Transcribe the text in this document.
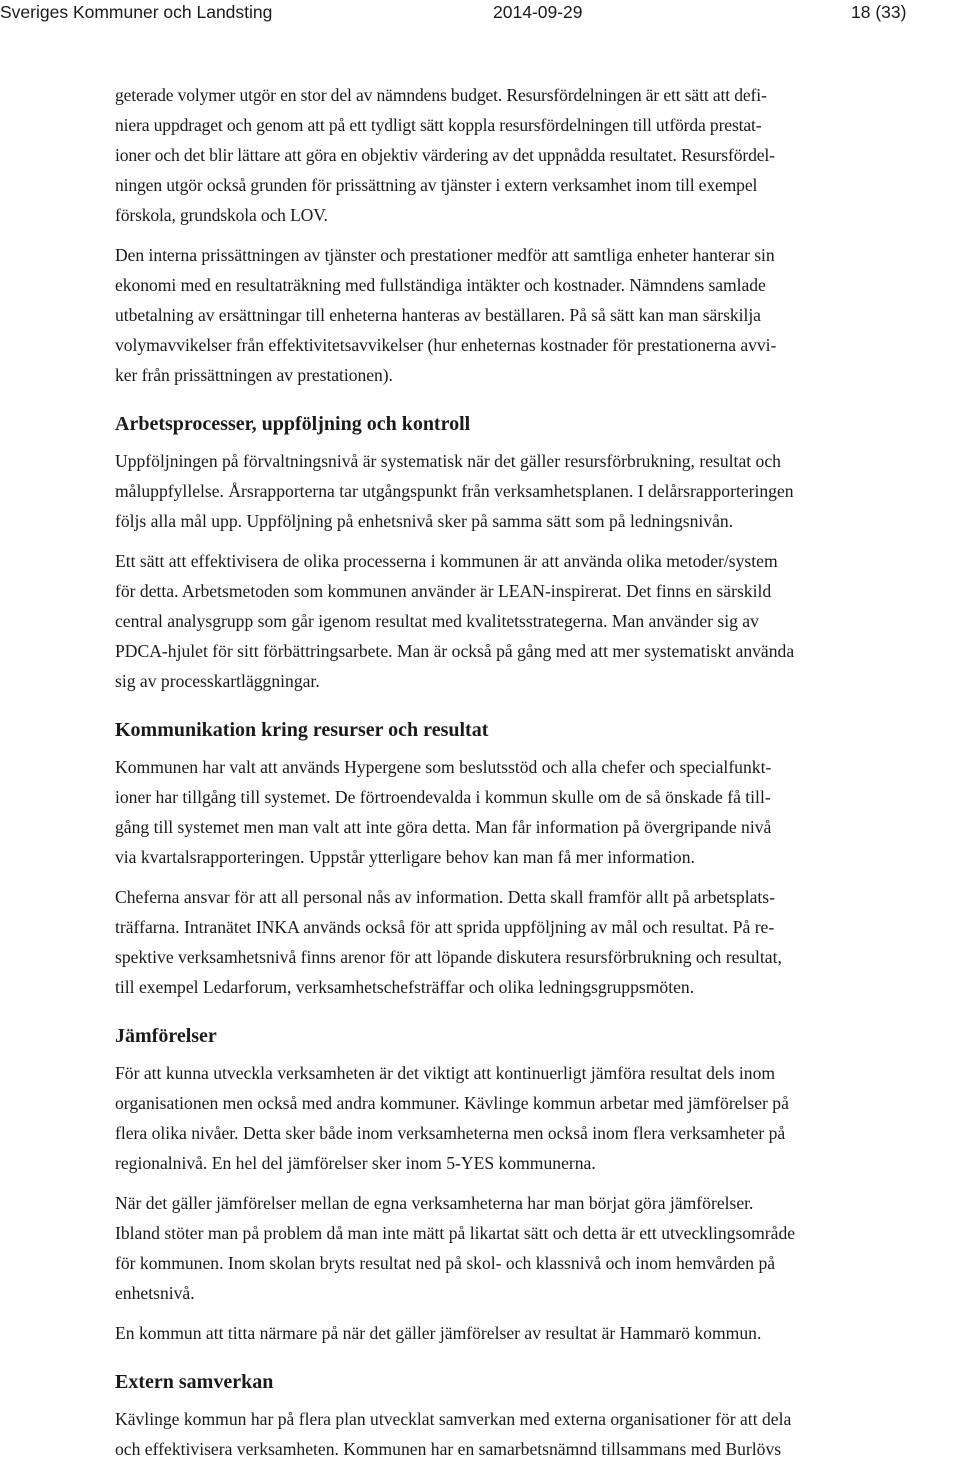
Sveriges Kommuner och Landsting	2014-09-29	18 (33)

geterade volymer utgör en stor del av nämndens budget. Resursfördelningen är ett sätt att defi-
niera uppdraget och genom att på ett tydligt sätt koppla resursfördelningen till utförda prestat-
ioner och det blir lättare att göra en objektiv värdering av det uppnådda resultatet. Resursfördel-
ningen utgör också grunden för prissättning av tjänster i extern verksamhet inom till exempel
förskola, grundskola och LOV.

Den interna prissättningen av tjänster och prestationer medför att samtliga enheter hanterar sin
ekonomi med en resultaträkning med fullständiga intäkter och kostnader. Nämndens samlade
utbetalning av ersättningar till enheterna hanteras av beställaren. På så sätt kan man särskilja
volymavvikelser från effektivitetsavvikelser (hur enheternas kostnader för prestationerna avvi-
ker från prissättningen av prestationen).

Arbetsprocesser, uppföljning och kontroll

Uppföljningen på förvaltningsnivå är systematisk när det gäller resursförbrukning, resultat och
måluppfyllelse. Årsrapporterna tar utgångspunkt från verksamhetsplanen. I delårsrapporteringen
följs alla mål upp. Uppföljning på enhetsnivå sker på samma sätt som på ledningsnivån.

Ett sätt att effektivisera de olika processerna i kommunen är att använda olika metoder/system
för detta. Arbetsmetoden som kommunen använder är LEAN-inspirerat. Det finns en särskild
central analysgrupp som går igenom resultat med kvalitetsstrategerna. Man använder sig av
PDCA-hjulet för sitt förbättringsarbete. Man är också på gång med att mer systematiskt använda
sig av processkartläggningar.

Kommunikation kring resurser och resultat

Kommunen har valt att används Hypergene som beslutsstöd och alla chefer och specialfunkt-
ioner har tillgång till systemet. De förtroendevalda i kommun skulle om de så önskade få till-
gång till systemet men man valt att inte göra detta. Man får information på övergripande nivå
via kvartalsrapporteringen. Uppstår ytterligare behov kan man få mer information.

Cheferna ansvar för att all personal nås av information. Detta skall framför allt på arbetsplats-
träffarna. Intranätet INKA används också för att sprida uppföljning av mål och resultat. På re-
spektive verksamhetsnivå finns arenor för att löpande diskutera resursförbrukning och resultat,
till exempel Ledarforum, verksamhetschefsträffar och olika ledningsgruppsmöten.

Jämförelser

För att kunna utveckla verksamheten är det viktigt att kontinuerligt jämföra resultat dels inom
organisationen men också med andra kommuner. Kävlinge kommun arbetar med jämförelser på
flera olika nivåer. Detta sker både inom verksamheterna men också inom flera verksamheter på
regionalnivå. En hel del jämförelser sker inom 5-YES kommunerna.

När det gäller jämförelser mellan de egna verksamheterna har man börjat göra jämförelser.
Ibland stöter man på problem då man inte mätt på likartat sätt och detta är ett utvecklingsområde
för kommunen. Inom skolan bryts resultat ned på skol- och klassnivå och inom hemvården på
enhetsnivå.

En kommun att titta närmare på när det gäller jämförelser av resultat är Hammarö kommun.

Extern samverkan

Kävlinge kommun har på flera plan utvecklat samverkan med externa organisationer för att dela
och effektivisera verksamheten. Kommunen har en samarbetsnämnd tillsammans med Burlövs
